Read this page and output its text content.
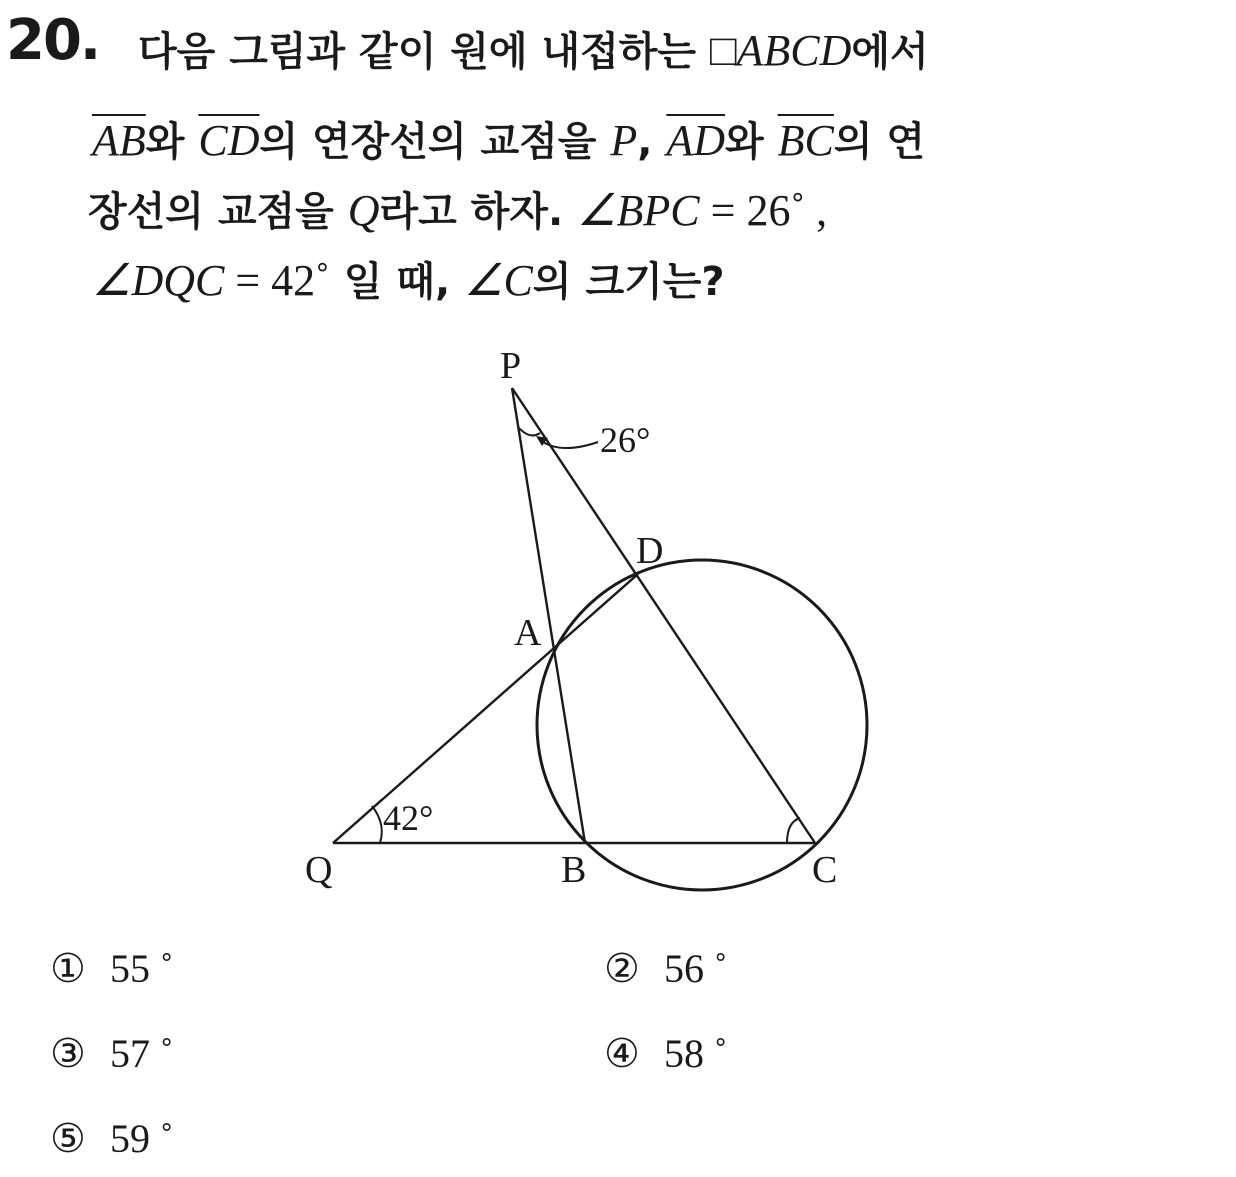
20. 다음 그림과 같이 원에 내접하는 □ABCD에서
$\overline{AB}$와 $\overline{CD}$의 연장선의 교점을 P, $\overline{AD}$와 $\overline{BC}$의 연
장선의 교점을 Q라고 하자. ∠BPC = 26˚ ,
∠DQC = 42˚ 일 때, ∠C의 크기는?
P
D
A
Q	B	C
26°
42°
① 55 ˚	② 56 ˚
③ 57 ˚	④ 58 ˚
⑤ 59 ˚
